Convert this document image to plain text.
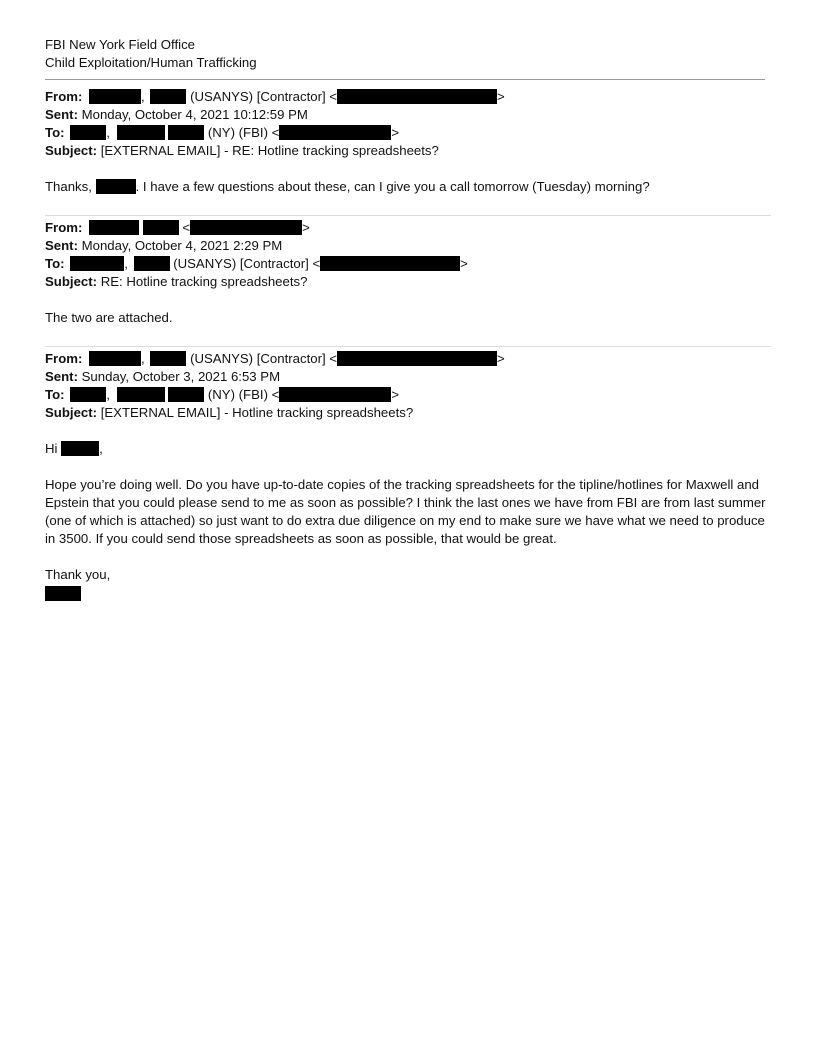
FBI New York Field Office
Child Exploitation/Human Trafficking
From:	,	(USANYS) [Contractor] <	>
Sent: Monday, October 4, 2021 10:12:59 PM
To:	,	(NY) (FBI) <	>
Subject: [EXTERNAL EMAIL] - RE: Hotline tracking spreadsheets?
Thanks,	. I have a few questions about these, can I give you a call tomorrow (Tuesday) morning?
From:	<	>
Sent: Monday, October 4, 2021 2:29 PM
To:	,	(USANYS) [Contractor] <	>
Subject: RE: Hotline tracking spreadsheets?
The two are attached.
From:	,	(USANYS) [Contractor] <	>
Sent: Sunday, October 3, 2021 6:53 PM
To:	,	(NY) (FBI) <	>
Subject: [EXTERNAL EMAIL] - Hotline tracking spreadsheets?
Hi	,
Hope you’re doing well. Do you have up-to-date copies of the tracking spreadsheets for the tipline/hotlines for Maxwell and Epstein that you could please send to me as soon as possible? I think the last ones we have from FBI are from last summer (one of which is attached) so just want to do extra due diligence on my end to make sure we have what we need to produce in 3500. If you could send those spreadsheets as soon as possible, that would be great.
Thank you,
